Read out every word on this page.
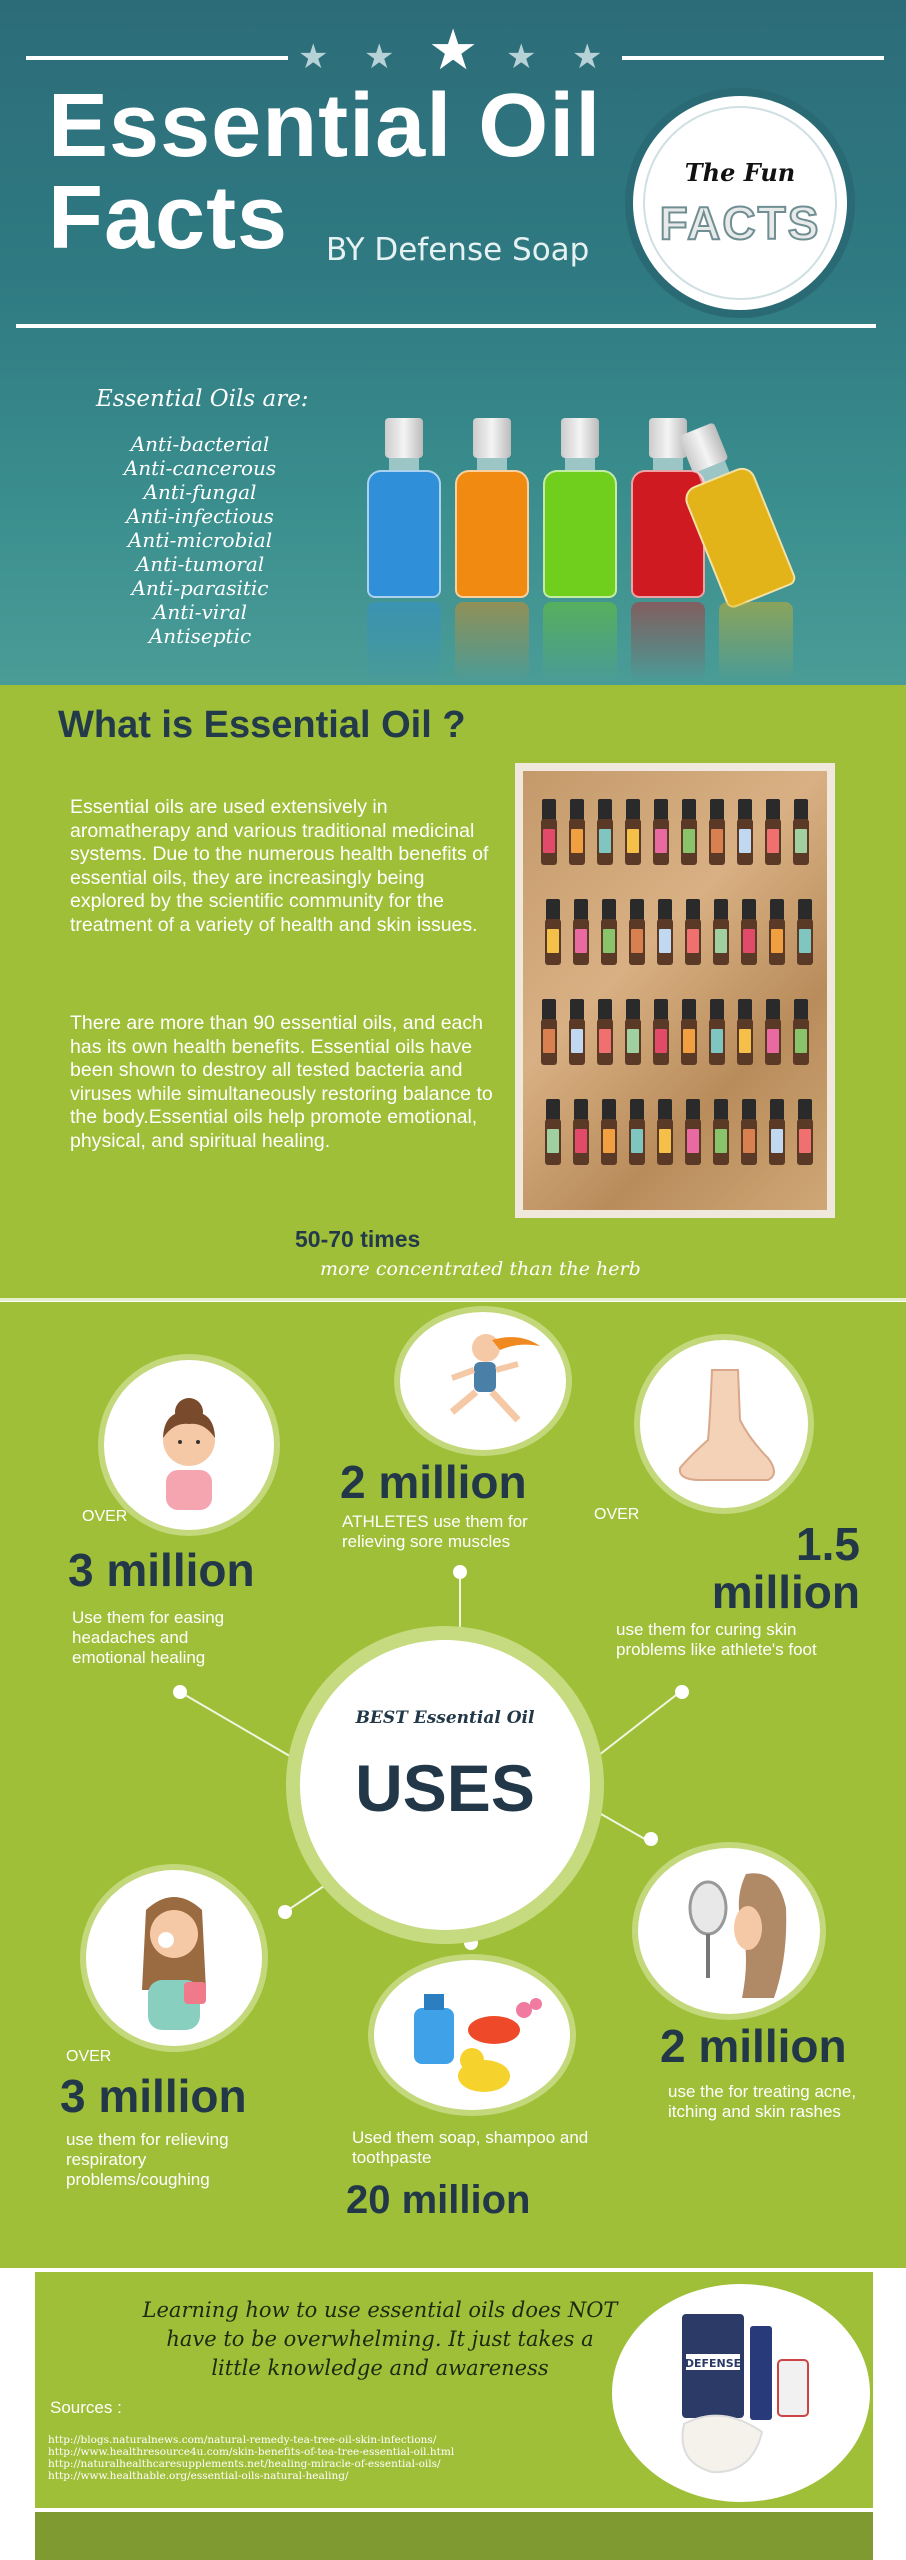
★ ★ ★ ★ ★
Essential Oil
Facts	BY Defense Soap
The Fun
FACTS
Essential Oils are:
Anti-bacterial
Anti-cancerous
Anti-fungal
Anti-infectious
Anti-microbial
Anti-tumoral
Anti-parasitic
Anti-viral
Antiseptic
What is Essential Oil ?
Essential oils are used extensively in aromatherapy and various traditional medicinal systems. Due to the numerous health benefits of essential oils, they are increasingly being explored by the scientific community for the treatment of a variety of health and skin issues.
There are more than 90 essential oils, and each has its own health benefits. Essential oils have been shown to destroy all tested bacteria and viruses while simultaneously restoring balance to the body.Essential oils help promote emotional, physical, and spiritual healing.
50-70 times
more concentrated than the herb
BEST Essential Oil
USES
OVER
3 million
Use them for easing headaches and emotional healing
2 million
ATHLETES use them for relieving sore muscles
OVER
1.5 million
use them for curing skin problems like athlete's foot
OVER
3 million
use them for relieving respiratory problems/coughing
Used them soap, shampoo and toothpaste
20 million
2 million
use the for treating acne, itching and skin rashes
Learning how to use essential oils does NOT have to be overwhelming. It just takes a little knowledge and awareness
Sources :
http://blogs.naturalnews.com/natural-remedy-tea-tree-oil-skin-infections/
http://www.healthresource4u.com/skin-benefits-of-tea-tree-essential-oil.html
http://naturalhealthcaresupplements.net/healing-miracle-of-essential-oils/
http://www.healthable.org/essential-oils-natural-healing/
DEFENSE
